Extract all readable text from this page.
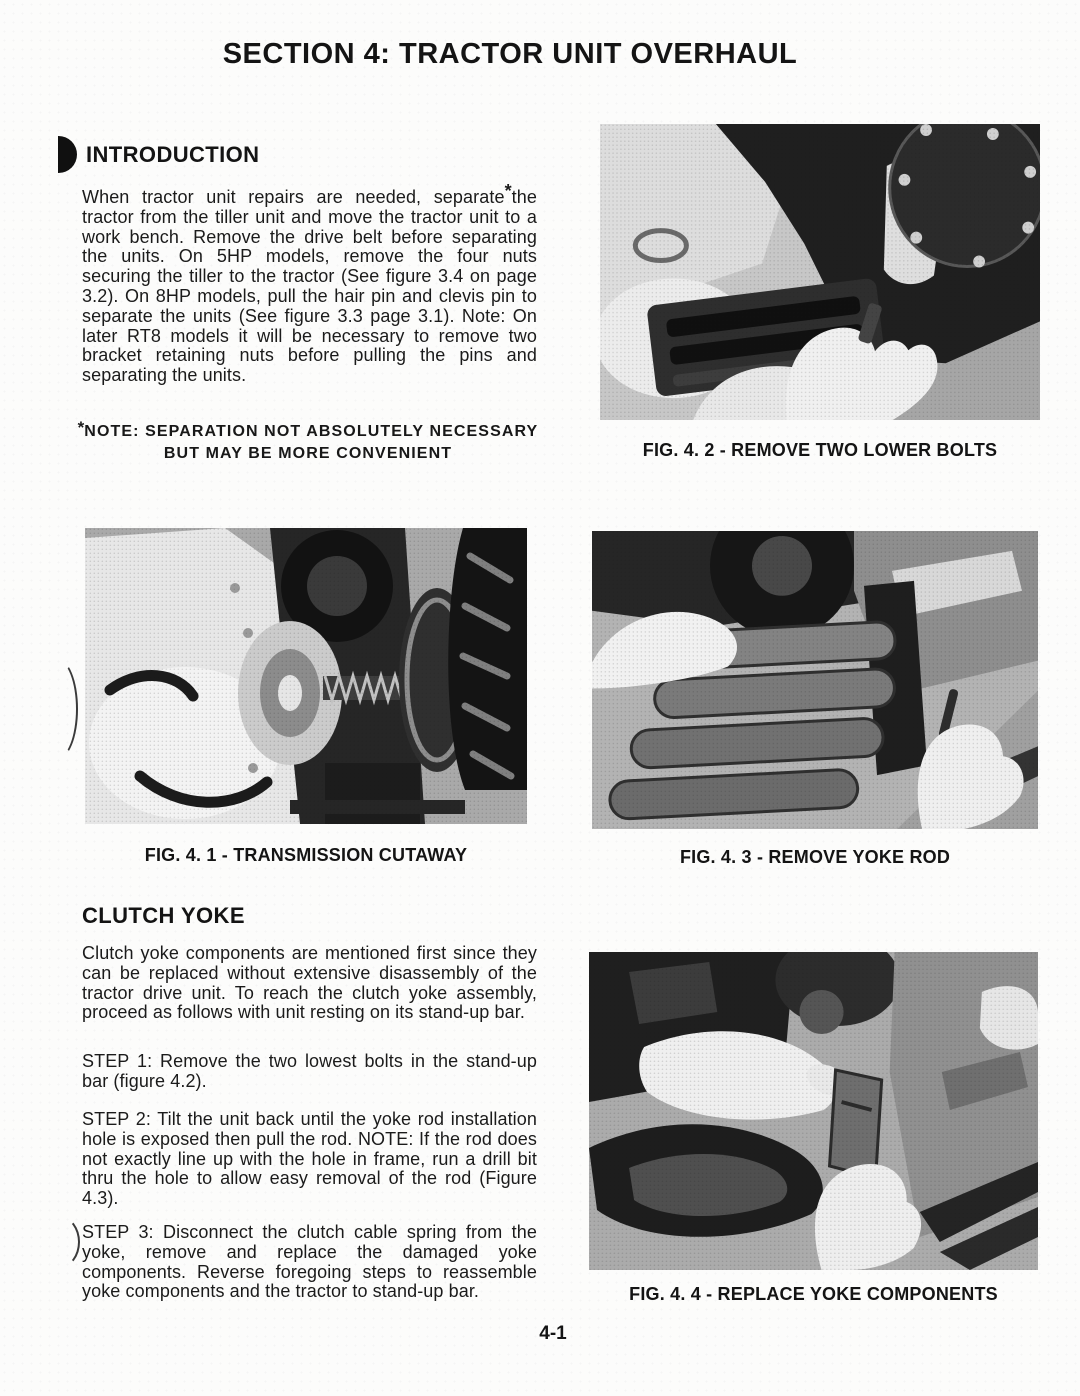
SECTION 4: TRACTOR UNIT OVERHAUL
INTRODUCTION

When tractor unit repairs are needed, separate*the tractor from the tiller unit and move the tractor unit to a work bench. Remove the drive belt before separating the units. On 5HP models, remove the four nuts securing the tiller to the tractor (See figure 3.4 on page 3.2). On 8HP models, pull the hair pin and clevis pin to separate the units (See figure 3.3 page 3.1). Note: On later RT8 models it will be necessary to remove two bracket retaining nuts before pulling the pins and separating the units.

*NOTE: SEPARATION NOT ABSOLUTELY NECESSARY
BUT MAY BE MORE CONVENIENT	FIG. 4. 2 - REMOVE TWO LOWER BOLTS
FIG. 4. 1 - TRANSMISSION CUTAWAY	FIG. 4. 3 - REMOVE YOKE ROD
FIG. 4. 4 - REPLACE YOKE COMPONENTS
CLUTCH YOKE

Clutch yoke components are mentioned first since they can be replaced without extensive disassembly of the tractor drive unit. To reach the clutch yoke assembly, proceed as follows with unit resting on its stand-up bar.

STEP 1: Remove the two lowest bolts in the stand-up bar (figure 4.2).

STEP 2: Tilt the unit back until the yoke rod installation hole is exposed then pull the rod. NOTE: If the rod does not exactly line up with the hole in frame, run a drill bit thru the hole to allow easy removal of the rod (Figure 4.3).

STEP 3: Disconnect the clutch cable spring from the yoke, remove and replace the damaged yoke components. Reverse foregoing steps to reassemble yoke components and the tractor to stand-up bar.

4-1
